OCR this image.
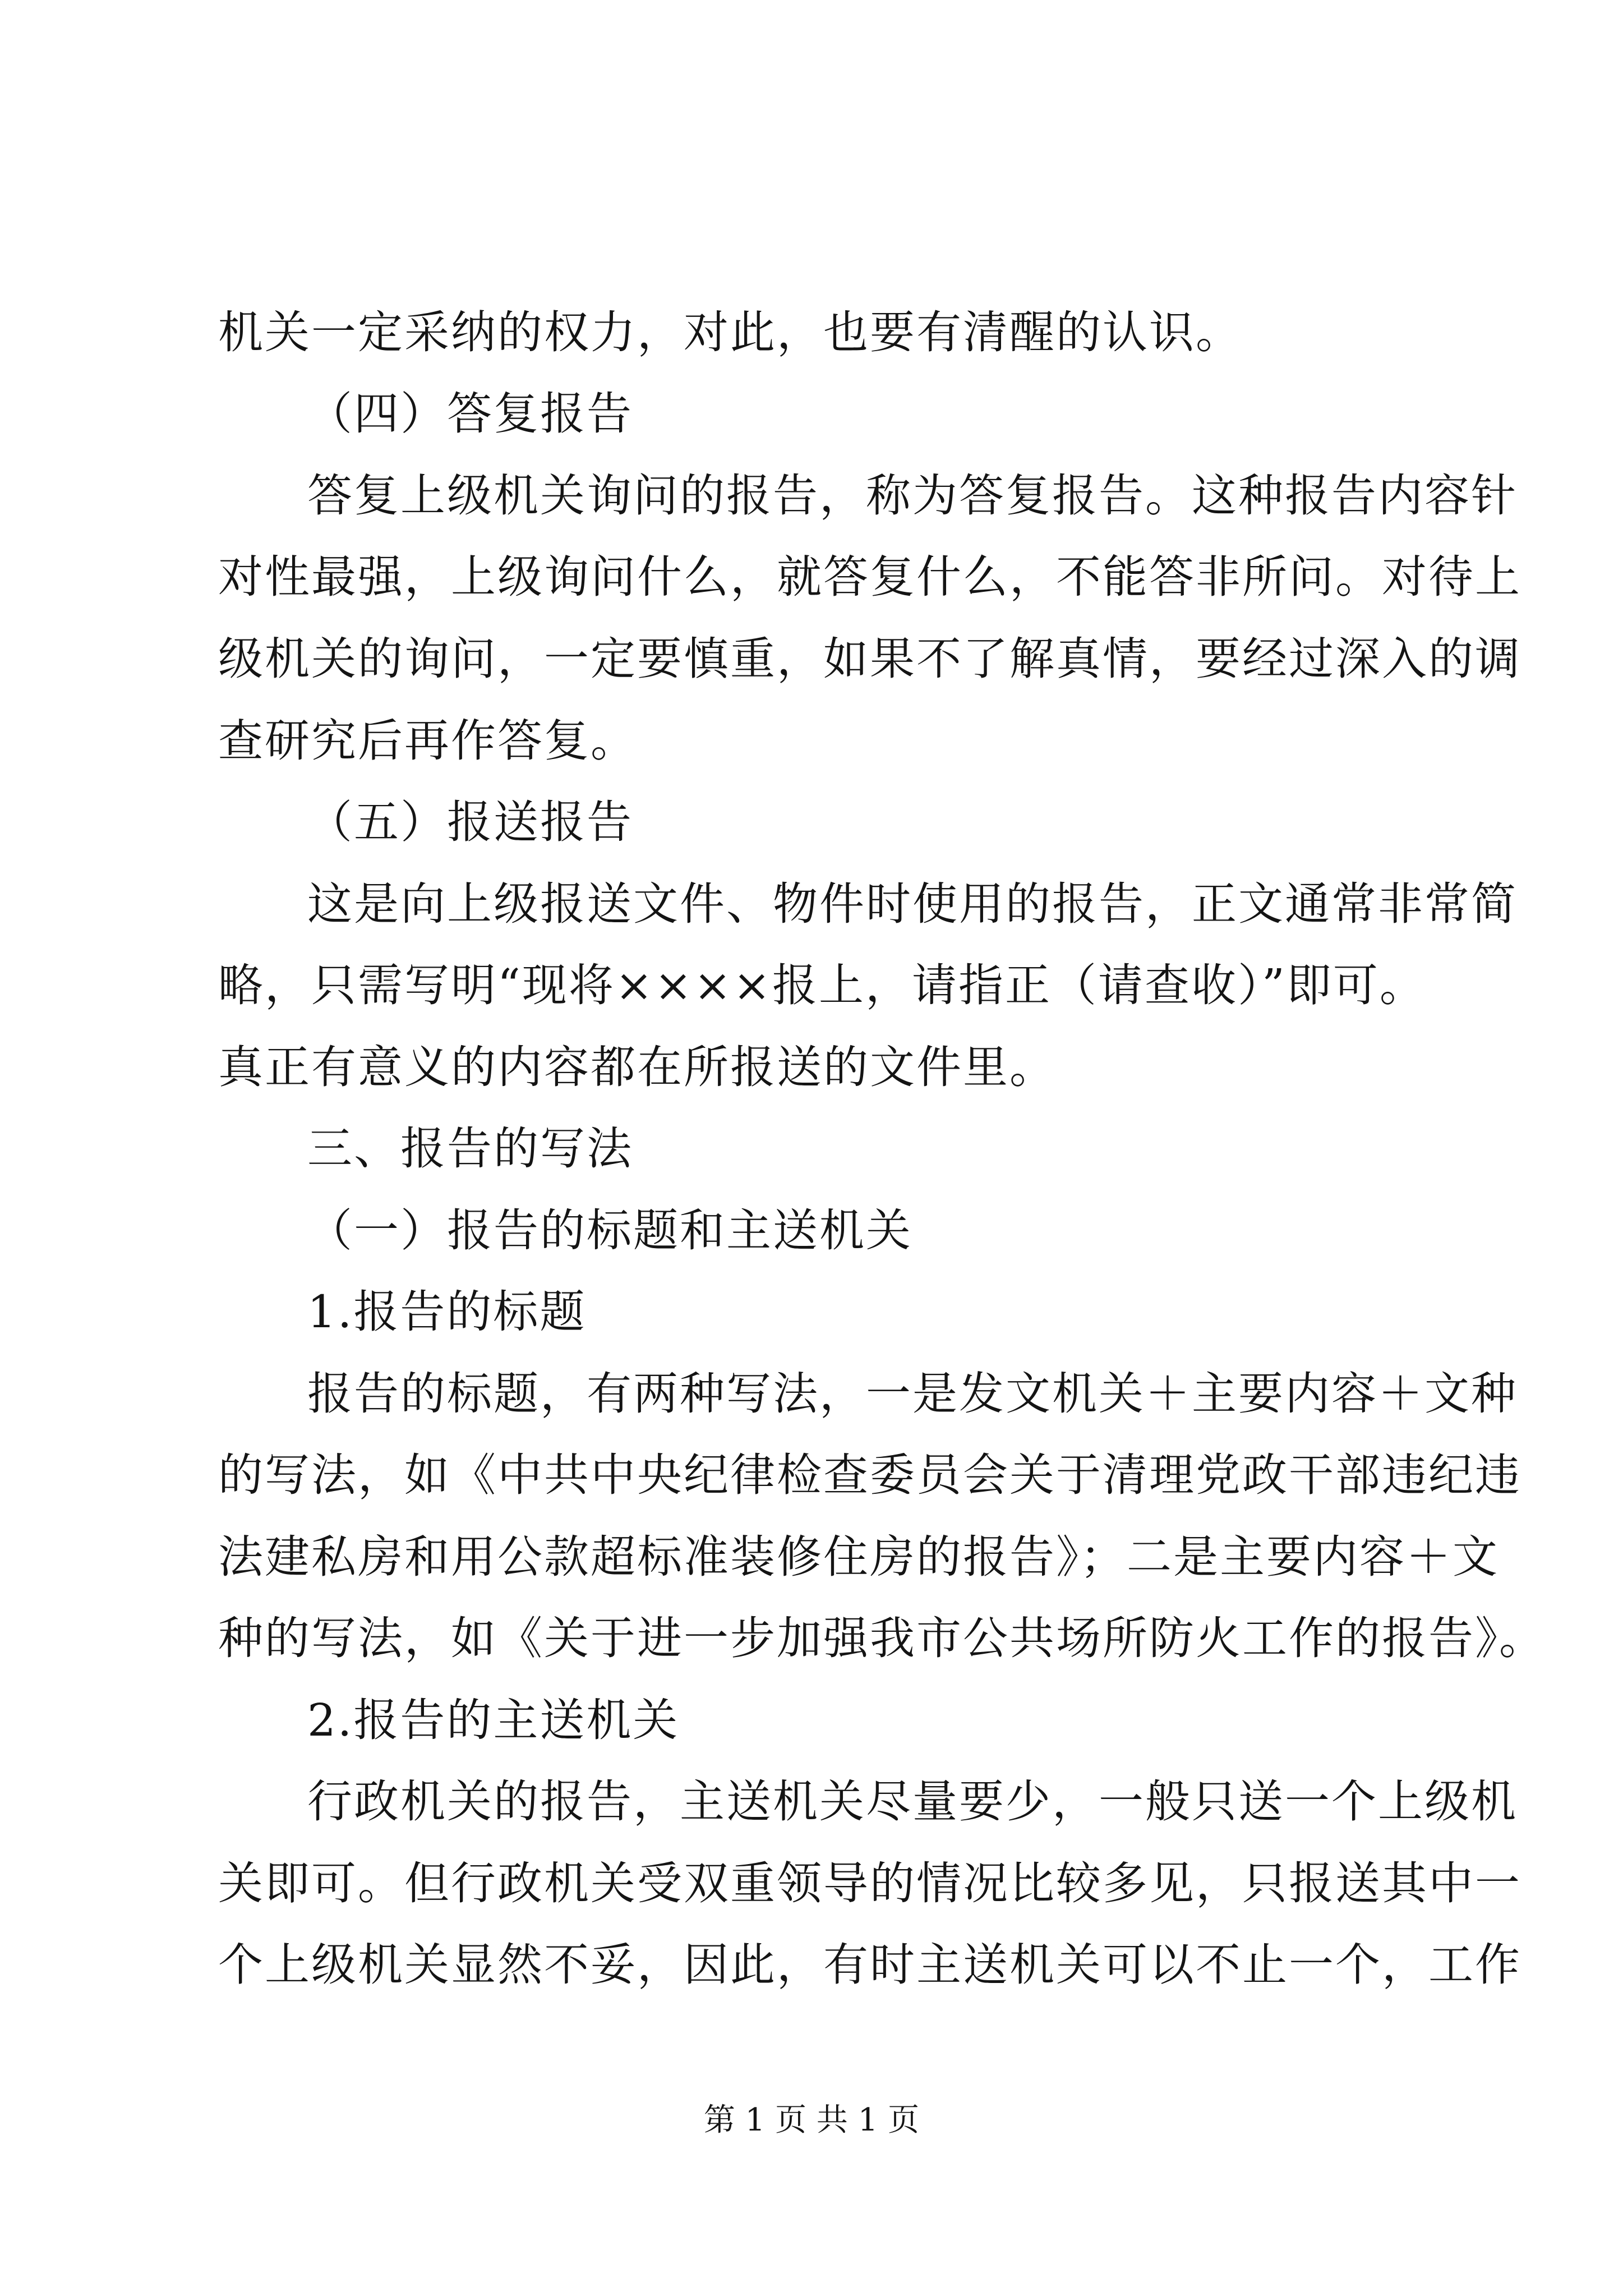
机关一定采纳的权力，对此，也要有清醒的认识。
（四）答复报告
答复上级机关询问的报告，称为答复报告。这种报告内容针
对性最强，上级询问什么，就答复什么，不能答非所问。对待上
级机关的询问，一定要慎重，如果不了解真情，要经过深入的调
查研究后再作答复。
（五）报送报告
这是向上级报送文件、物件时使用的报告，正文通常非常简
略，只需写明“现将××××报上，请指正（请查收）”即可。
真正有意义的内容都在所报送的文件里。
三、报告的写法
（一）报告的标题和主送机关
1.报告的标题
报告的标题，有两种写法，一是发文机关＋主要内容＋文种
的写法，如《中共中央纪律检查委员会关于清理党政干部违纪违
法建私房和用公款超标准装修住房的报告》；二是主要内容＋文
种的写法，如《关于进一步加强我市公共场所防火工作的报告》。
2.报告的主送机关
行政机关的报告，主送机关尽量要少，一般只送一个上级机
关即可。但行政机关受双重领导的情况比较多见，只报送其中一
个上级机关显然不妥，因此，有时主送机关可以不止一个，工作
第 1 页 共 1 页
